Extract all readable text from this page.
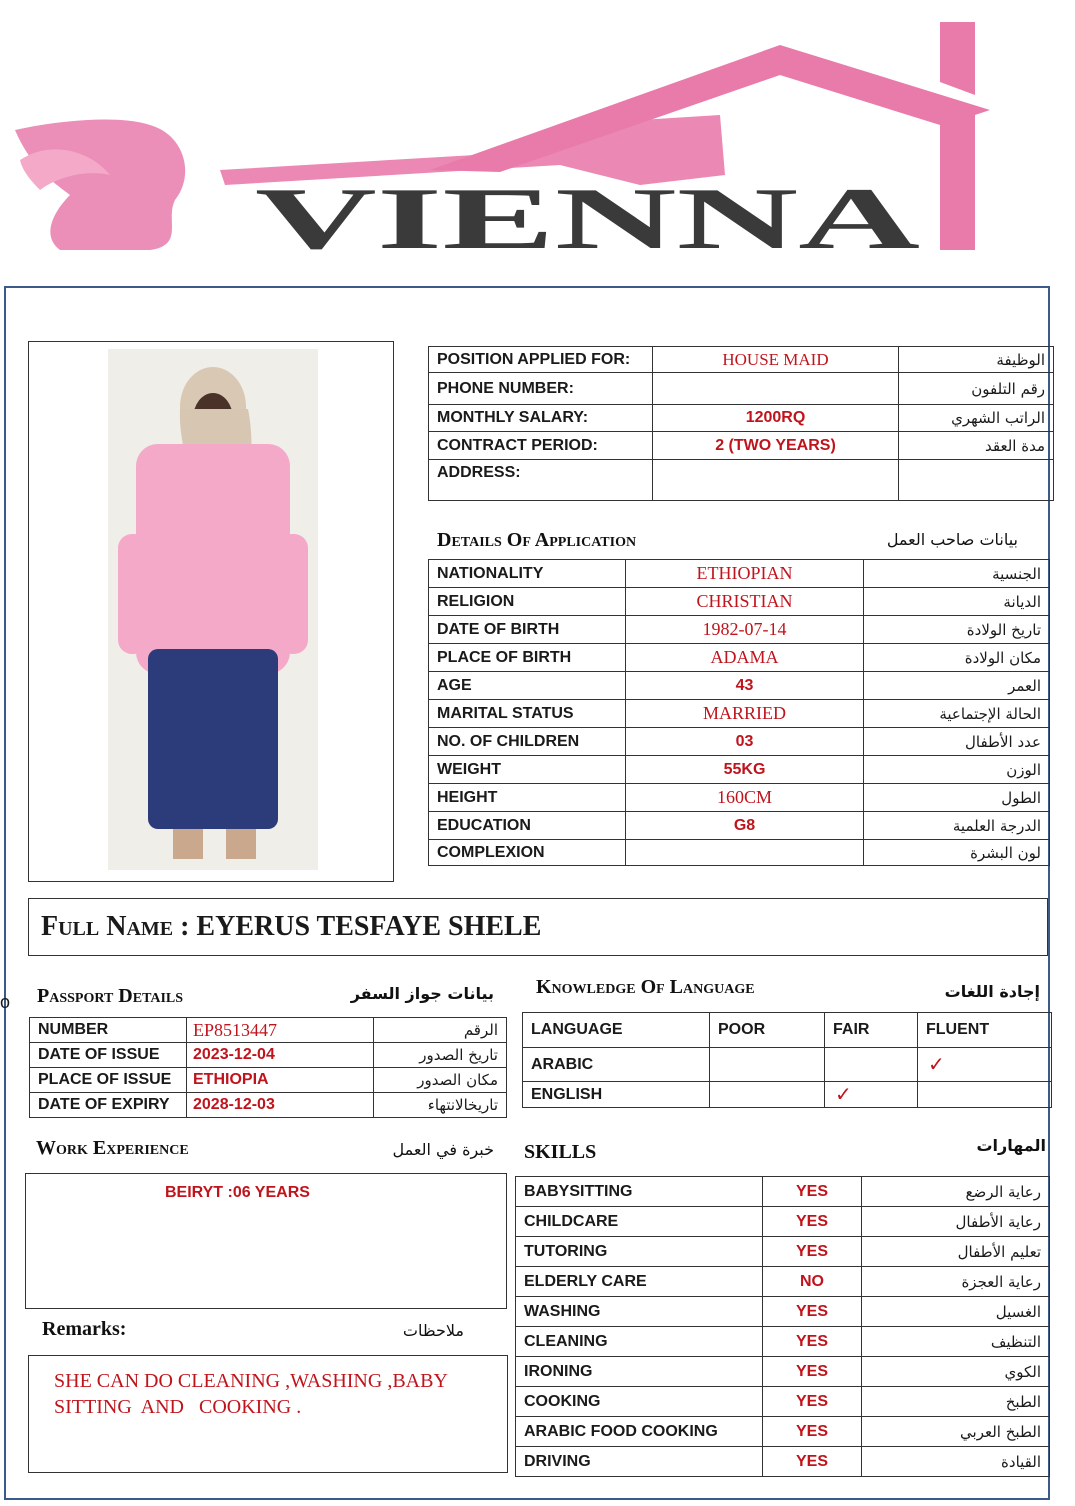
VIENNA
POSITION APPLIED FOR:	HOUSE MAID	الوظيفة
PHONE NUMBER:		رقم التلفون
MONTHLY SALARY:	1200RQ	الراتب الشهري
CONTRACT PERIOD:	2 (TWO YEARS)	مدة العقد
ADDRESS:		
Details Of Application	بيانات صاحب العمل
NATIONALITY	ETHIOPIAN	الجنسية
RELIGION	CHRISTIAN	الديانة
DATE OF BIRTH	1982-07-14	تاريخ الولادة
PLACE OF BIRTH	ADAMA	مكان الولادة
AGE	43	العمر
MARITAL STATUS	MARRIED	الحالة الإجتماعية
NO. OF CHILDREN	03	عدد الأطفال
WEIGHT	55KG	الوزن
HEIGHT	160CM	الطول
EDUCATION	G8	الدرجة العلمية
COMPLEXION		لون البشرة
Full Name : EYERUS TESFAYE SHELE
o Passport Details	بيانات جواز السفر
NUMBER	EP8513447	الرقم
DATE OF ISSUE	2023-12-04	تاريخ الصدور
PLACE OF ISSUE	ETHIOPIA	مكان الصدور
DATE OF EXPIRY	2028-12-03	تاريخالانتهاء
Knowledge Of Language	إجادة اللغات
LANGUAGE	POOR	FAIR	FLUENT
ARABIC			✓
ENGLISH		✓	
Work Experience	خبرة في العمل
BEIRYT :06 YEARS
Remarks:	ملاحظات
SHE CAN DO CLEANING ,WASHING ,BABY
SITTING  AND   COOKING .
SKILLS	المهارات
BABYSITTING	YES	رعاية الرضع
CHILDCARE	YES	رعاية الأطفال
TUTORING	YES	تعليم الأطفال
ELDERLY CARE	NO	رعاية العجزة
WASHING	YES	الغسيل
CLEANING	YES	التنظيف
IRONING	YES	الكوي
COOKING	YES	الطبخ
ARABIC FOOD COOKING	YES	الطبخ العربي
DRIVING	YES	القيادة
